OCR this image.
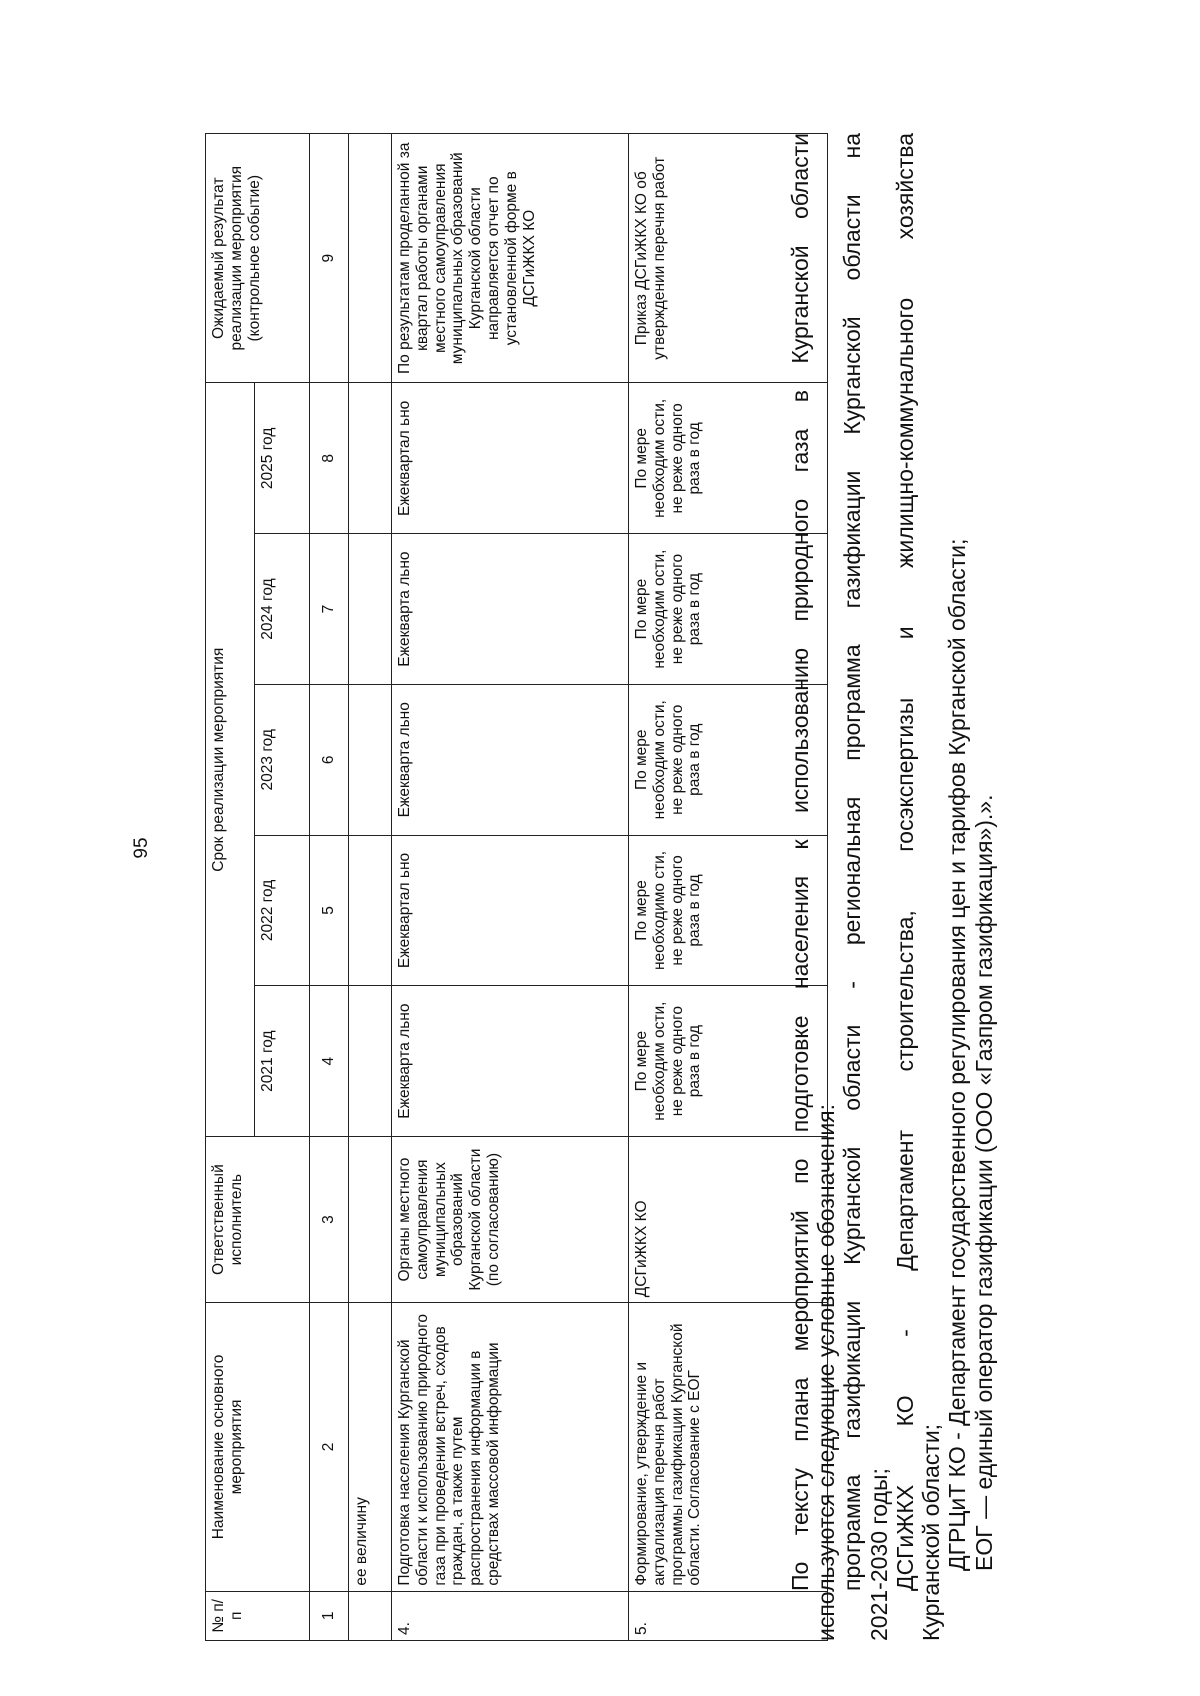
95
№ п/п	Наименование основного мероприятия	Ответственный исполнитель	Срок реализации мероприятия					Ожидаемый результат реализации мероприятия (контрольное событие)
			2021 год	2022 год	2023 год	2024 год	2025 год	
1	2	3	4	5	6	7	8	9
	ее величину							
4.	Подготовка населения Курганской области к использованию природного газа при проведении встреч, сходов граждан, а также путем распространения информации в средствах массовой информации	Органы местного самоуправления муниципальных образований Курганской области (по согласованию)	Ежекварта льно	Ежеквартал ьно	Ежекварта льно	Ежекварта льно	Ежеквартал ьно	По результатам проделанной за квартал работы органами местного самоуправления муниципальных образований Курганской области направляется отчет по установленной форме в ДСГиЖКХ КО
5.	Формирование, утверждение и актуализация перечня работ программы газификации Курганской области. Согласование с ЕОГ	ДСГиЖКХ КО	По мере необходим ости, не реже одного раза в год	По мере необходимо сти, не реже одного раза в год	По мере необходим ости, не реже одного раза в год	По мере необходим ости, не реже одного раза в год	По мере необходим ости, не реже одного раза в год	Приказ ДСГиЖКХ КО об утверждении перечня работ	По тексту плана мероприятий по подготовке населения к использованию природного газа в Курганской области используются следующие условные обозначения: программа газификации Курганской области - региональная программа газификации Курганской области на 2021-2030 годы; ДСГиЖКХ КО - Департамент строительства, госэкспертизы и жилищно-коммунального хозяйства Курганской области; ДГРЦиТ КО - Департамент государственного регулирования цен и тарифов Курганской области; ЕОГ — единый оператор газификации (ООО «Газпром газификация»).».
